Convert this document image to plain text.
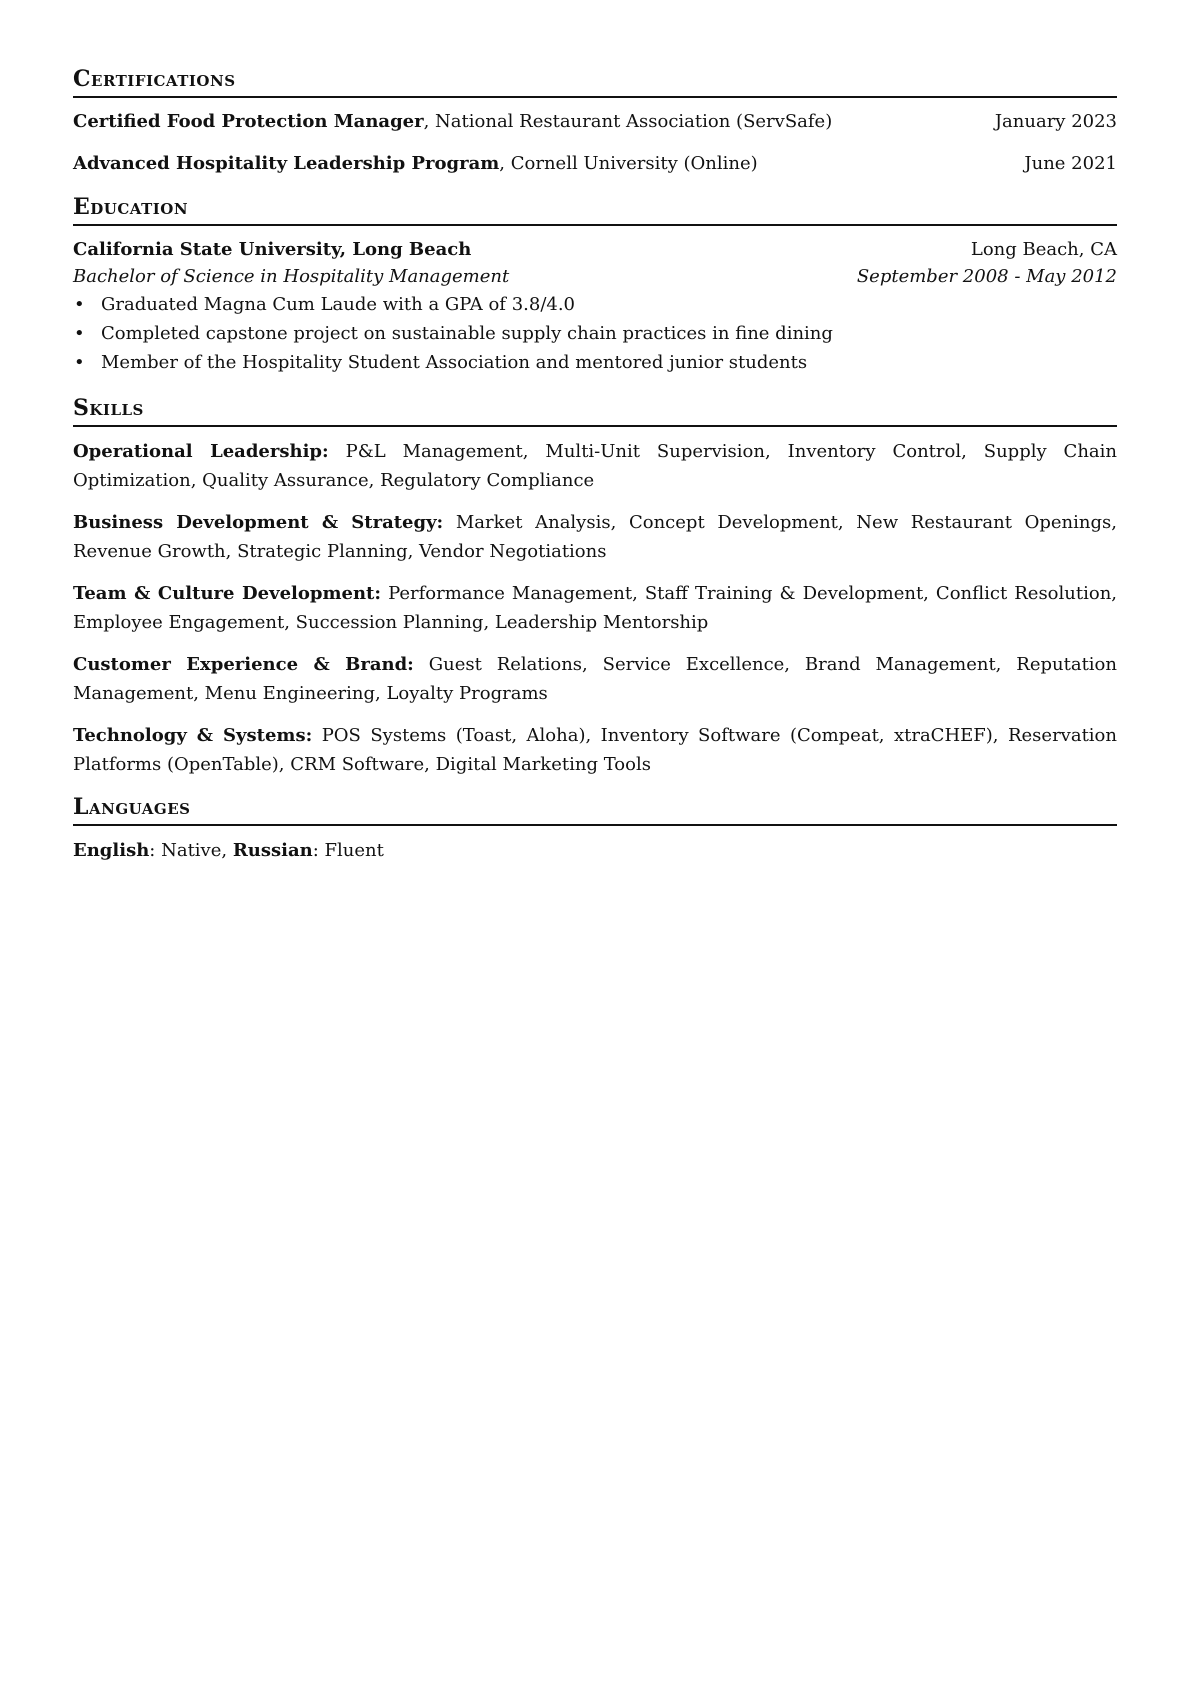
Certifications
Certified Food Protection Manager, National Restaurant Association (ServSafe)	January 2023
Advanced Hospitality Leadership Program, Cornell University (Online)	June 2021
Education
California State University, Long Beach	Long Beach, CA
Bachelor of Science in Hospitality Management	September 2008 - May 2012
• Graduated Magna Cum Laude with a GPA of 3.8/4.0
• Completed capstone project on sustainable supply chain practices in fine dining
• Member of the Hospitality Student Association and mentored junior students
Skills
Operational Leadership: P&L Management, Multi-Unit Supervision, Inventory Control, Supply Chain Optimization, Quality Assurance, Regulatory Compliance
Business Development & Strategy: Market Analysis, Concept Development, New Restaurant Openings, Revenue Growth, Strategic Planning, Vendor Negotiations
Team & Culture Development: Performance Management, Staff Training & Development, Conflict Resolution, Employee Engagement, Succession Planning, Leadership Mentorship
Customer Experience & Brand: Guest Relations, Service Excellence, Brand Management, Reputation Management, Menu Engineering, Loyalty Programs
Technology & Systems: POS Systems (Toast, Aloha), Inventory Software (Compeat, xtraCHEF), Reservation Platforms (OpenTable), CRM Software, Digital Marketing Tools
Languages
English: Native, Russian: Fluent
